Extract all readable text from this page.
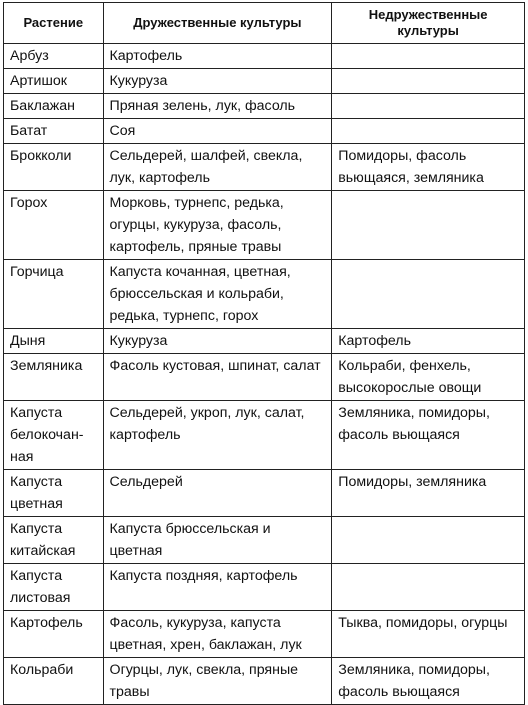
Растение	Дружественные культуры	Недружественные культуры
Арбуз	Картофель	
Артишок	Кукуруза	
Баклажан	Пряная зелень, лук, фасоль	
Батат	Соя	
Брокколи	Сельдерей, шалфей, свекла, лук, картофель	Помидоры, фасоль вьющаяся, земляника
Горох	Морковь, турнепс, редька, огурцы, кукуруза, фасоль, картофель, пряные травы	
Горчица	Капуста кочанная, цветная, брюссельская и кольраби, редька, турнепс, горох	
Дыня	Кукуруза	Картофель
Земляника	Фасоль кустовая, шпинат, салат	Кольраби, фенхель, высокорослые овощи
Капуста белокочанная	Сельдерей, укроп, лук, салат, картофель	Земляника, помидоры, фасоль вьющаяся
Капуста цветная	Сельдерей	Помидоры, земляника
Капуста китайская	Капуста брюссельская и цветная	
Капуста листовая	Капуста поздняя, картофель	
Картофель	Фасоль, кукуруза, капуста цветная, хрен, баклажан, лук	Тыква, помидоры, огурцы
Кольраби	Огурцы, лук, свекла, пряные травы	Земляника, помидоры, фасоль вьющаяся
